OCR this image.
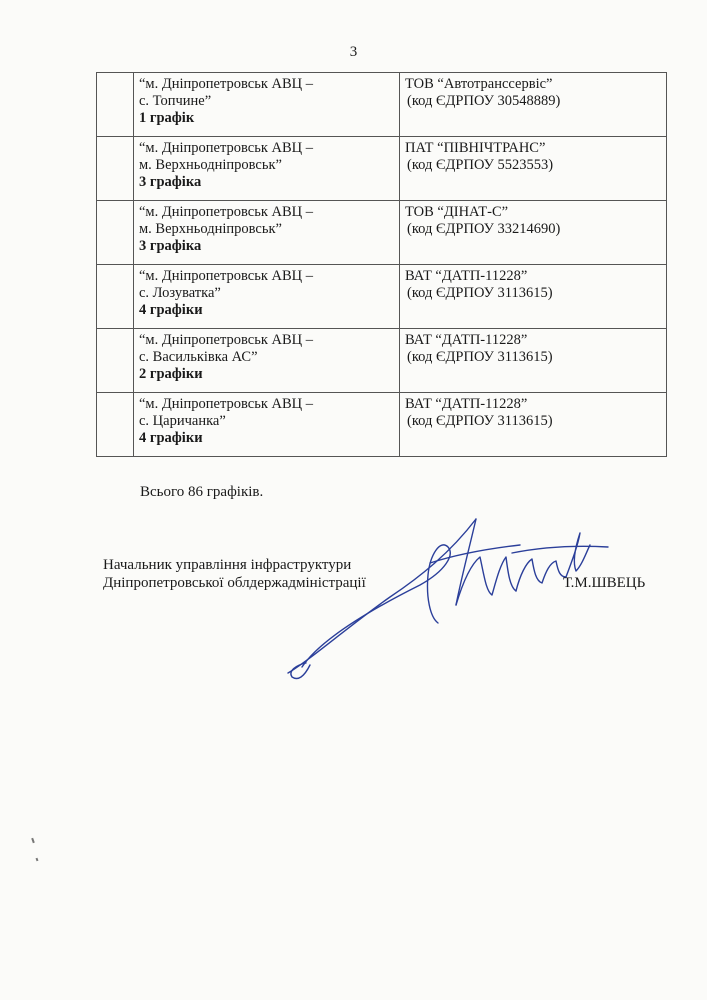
3

	“м. Дніпропетровськ АВЦ –
с. Топчине”
1 графік	ТОВ “Автотранссервіс”
(код ЄДРПОУ 30548889)

	“м. Дніпропетровськ АВЦ –
м. Верхньодніпровськ”
3 графіка	ПАТ “ПІВНІЧТРАНС”
(код ЄДРПОУ 5523553)

	“м. Дніпропетровськ АВЦ –
м. Верхньодніпровськ”
3 графіка	ТОВ “ДІНАТ-С”
(код ЄДРПОУ 33214690)

	“м. Дніпропетровськ АВЦ –
с. Лозуватка”
4 графіки	ВАТ “ДАТП-11228”
(код ЄДРПОУ 3113615)

	“м. Дніпропетровськ АВЦ –
с. Васильківка АС”
2 графіки	ВАТ “ДАТП-11228”
(код ЄДРПОУ 3113615)

	“м. Дніпропетровськ АВЦ –
с. Царичанка”
4 графіки	ВАТ “ДАТП-11228”
(код ЄДРПОУ 3113615)
Всього 86 графіків.
Начальник управління інфраструктури
Дніпропетровської облдержадміністрації	Т.М.ШВЕЦЬ
